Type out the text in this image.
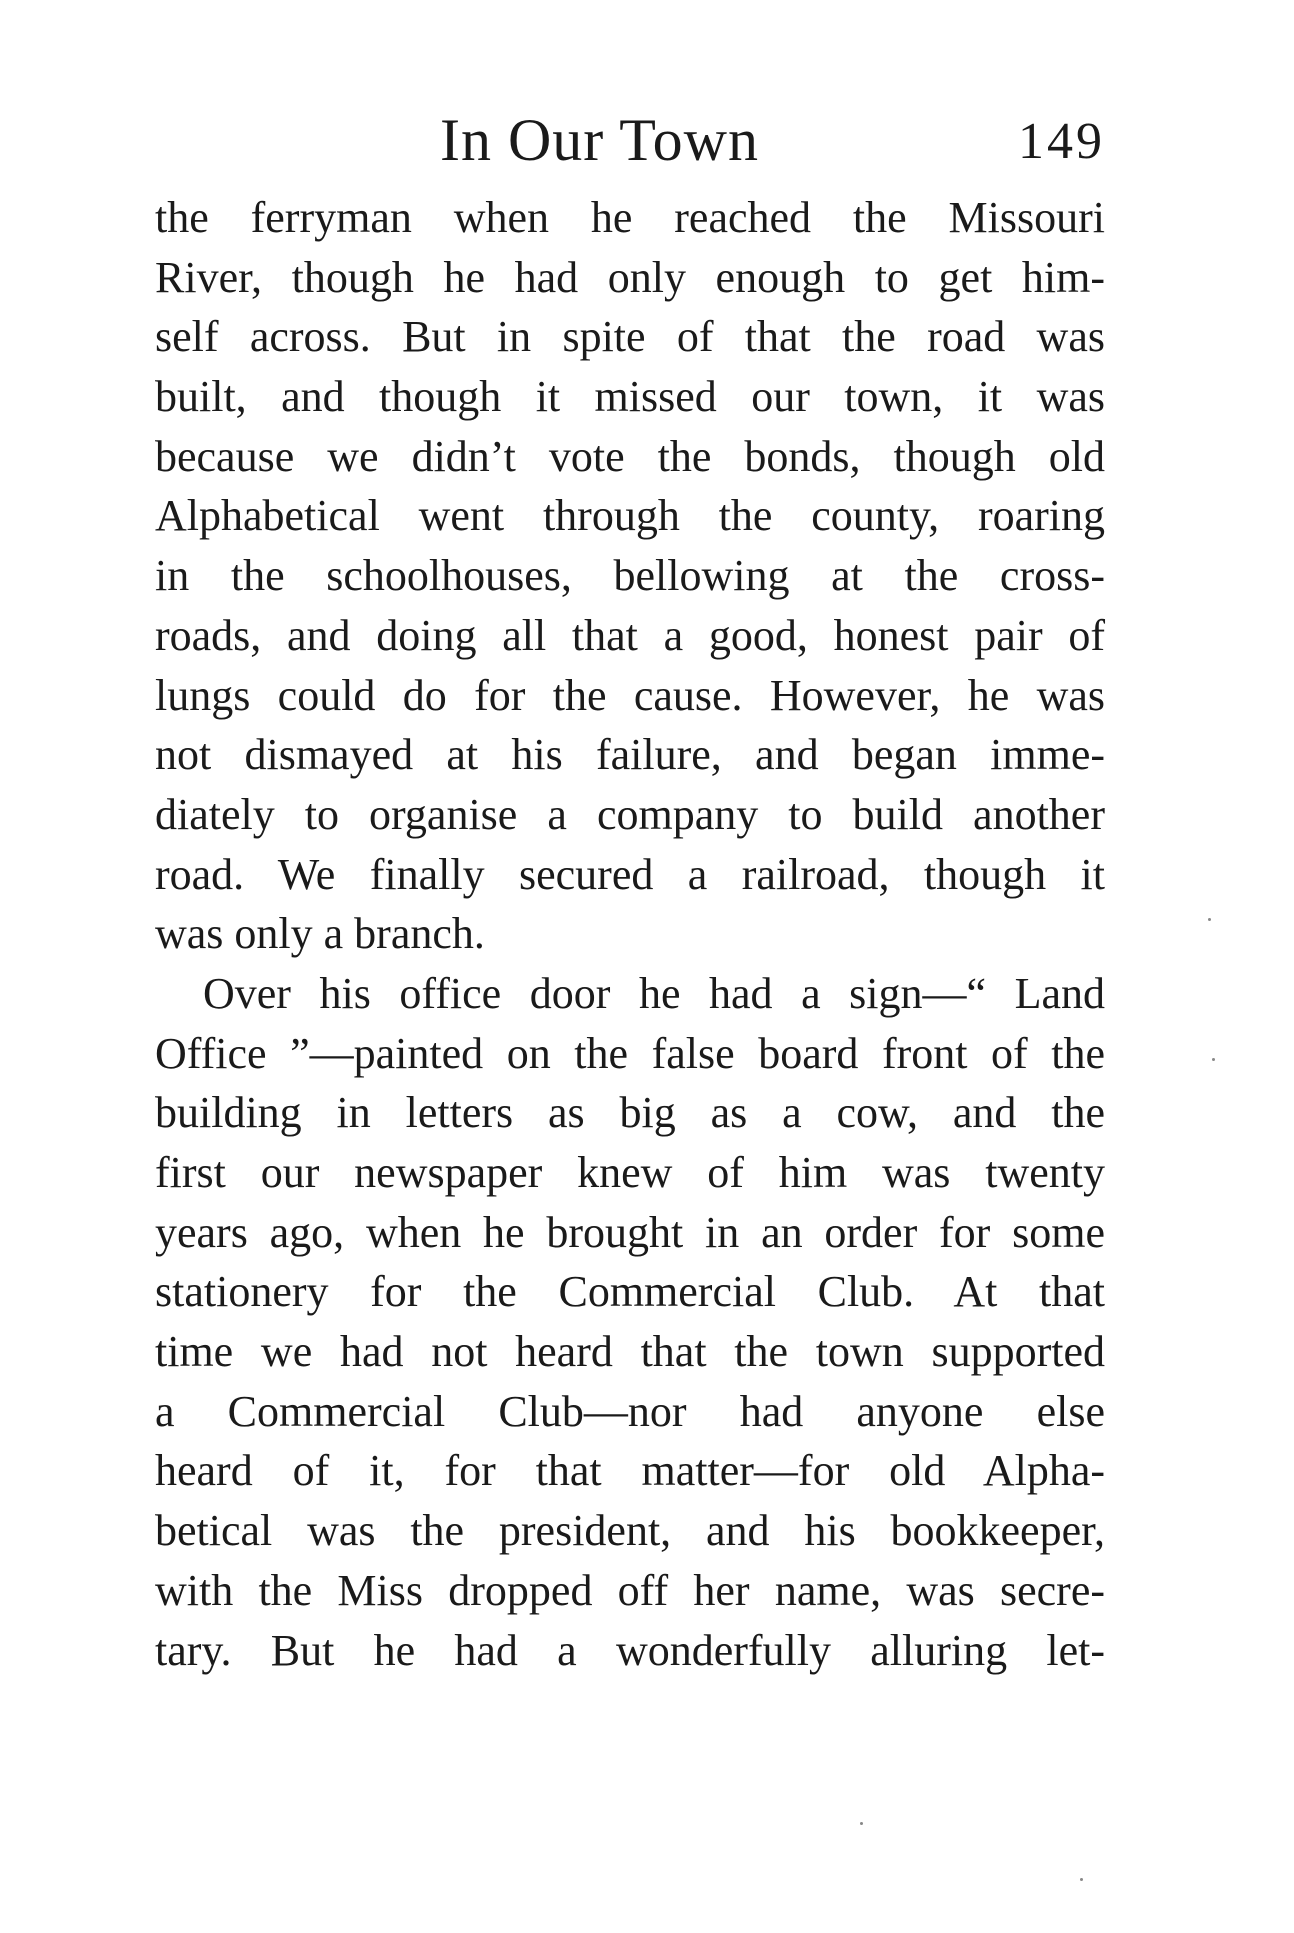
In Our Town	149
the ferryman when he reached the Missouri
River, though he had only enough to get him-
self across. But in spite of that the road was
built, and though it missed our town, it was
because we didn’t vote the bonds, though old
Alphabetical went through the county, roaring
in the schoolhouses, bellowing at the cross-
roads, and doing all that a good, honest pair of
lungs could do for the cause. However, he was
not dismayed at his failure, and began imme-
diately to organise a company to build another
road. We finally secured a railroad, though it
was only a branch.
Over his office door he had a sign—“ Land
Office ”—painted on the false board front of the
building in letters as big as a cow, and the
first our newspaper knew of him was twenty
years ago, when he brought in an order for some
stationery for the Commercial Club. At that
time we had not heard that the town supported
a Commercial Club—nor had anyone else
heard of it, for that matter—for old Alpha-
betical was the president, and his bookkeeper,
with the Miss dropped off her name, was secre-
tary. But he had a wonderfully alluring let-
